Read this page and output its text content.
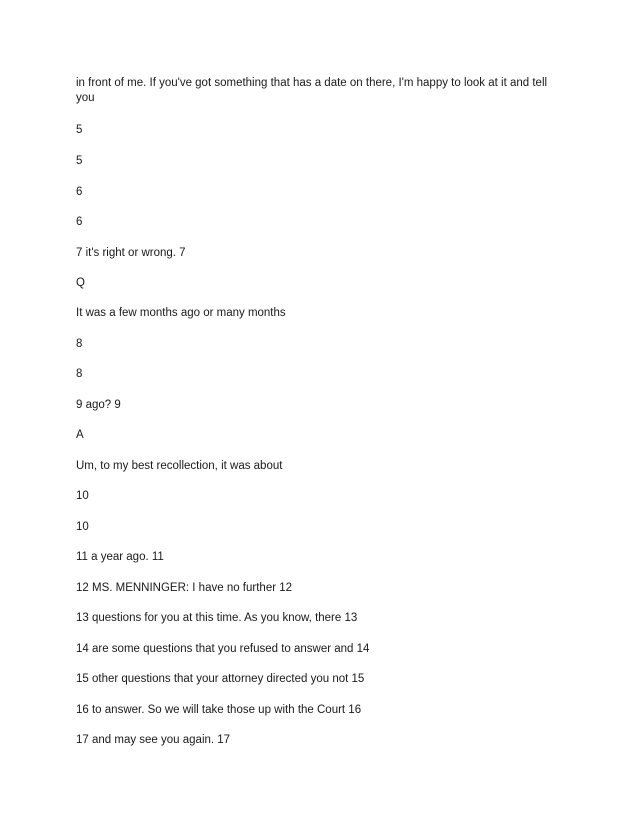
in front of me. If you've got something that has a date on there, I'm happy to look at it and tell you
5
5
6
6
7 it's right or wrong. 7
Q
It was a few months ago or many months
8
8
9 ago? 9
A
Um, to my best recollection, it was about
10
10
11 a year ago. 11
12 MS. MENNINGER: I have no further 12
13 questions for you at this time. As you know, there 13
14 are some questions that you refused to answer and 14
15 other questions that your attorney directed you not 15
16 to answer. So we will take those up with the Court 16
17 and may see you again. 17
